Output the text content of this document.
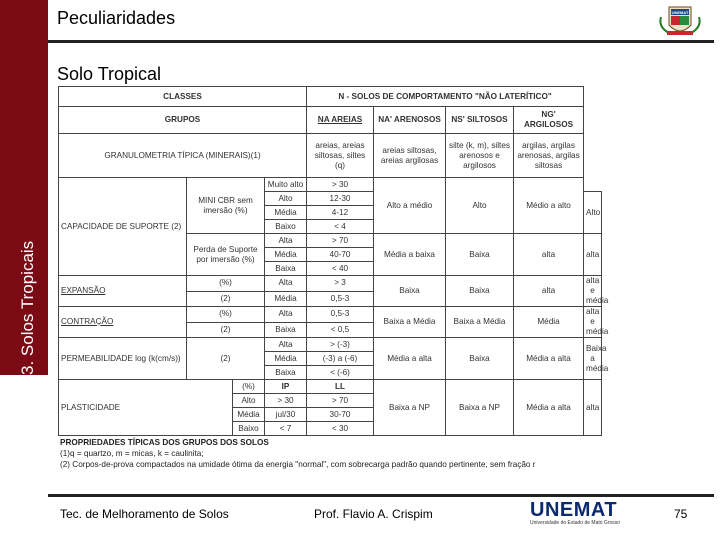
3. Solos Tropicais
Peculiaridades	UNEMAT
Solo Tropical
CLASSES				N - SOLOS DE COMPORTAMENTO "NÃO LATERÍTICO"				
GRUPOS				NA AREIAS	NA' ARENOSOS	NS' SILTOSOS	NG' ARGILOSOS	
GRANULOMETRIA TÍPICA (MINERAIS)(1)				areias, areias siltosas, siltes (q)	areias siltosas, areias argilosas	silte (k, m), siltes arenosos e argilosos	argilas, argilas arenosas, argilas siltosas	
CAPACIDADE DE SUPORTE (2)	MINI CBR sem imersão (%)		Muito alto	> 30	Alto a médio	Alto	Médio a alto	
			Alto	12-30				Alto
			Média	4-12				
			Baixo	< 4				
	Perda de Suporte por imersão (%)		Alta	> 70	Média a baixa	Baixa	alta	alta
			Média	40-70				
			Baixa	< 40				
EXPANSÃO	(%)		Alta	> 3	Baixa	Baixa	alta	alta e média
	(2)		Média	0,5-3				
CONTRAÇÃO	(%)		Alta	0,5-3	Baixa a Média	Baixa a Média	Média	alta e média
	(2)		Baixa	< 0,5				
PERMEABILIDADE log (k(cm/s))	(2)		Alta	> (-3)	Média a alta	Baixa	Média a alta	Baixa a média
			Média	(-3) a (-6)				
			Baixa	< (-6)				
PLASTICIDADE		(%)	IP	LL	Baixa a NP	Baixa a NP	Média a alta	alta
		Alto	> 30	> 70				
		Média	jul/30	30-70				
		Baixo	< 7	< 30				
PROPRIEDADES TÍPICAS DOS GRUPOS DOS SOLOS
(1)q = quartzo, m = micas, k = caulinita;
(2) Corpos-de-prova compactados na umidade ótima da energia "normal", com sobrecarga padrão quando pertinente, sem fração r
Tec. de Melhoramento de Solos	Prof. Flavio A. Crispim	UNEMAT
Universidade do Estado de Mato Grosso
75
